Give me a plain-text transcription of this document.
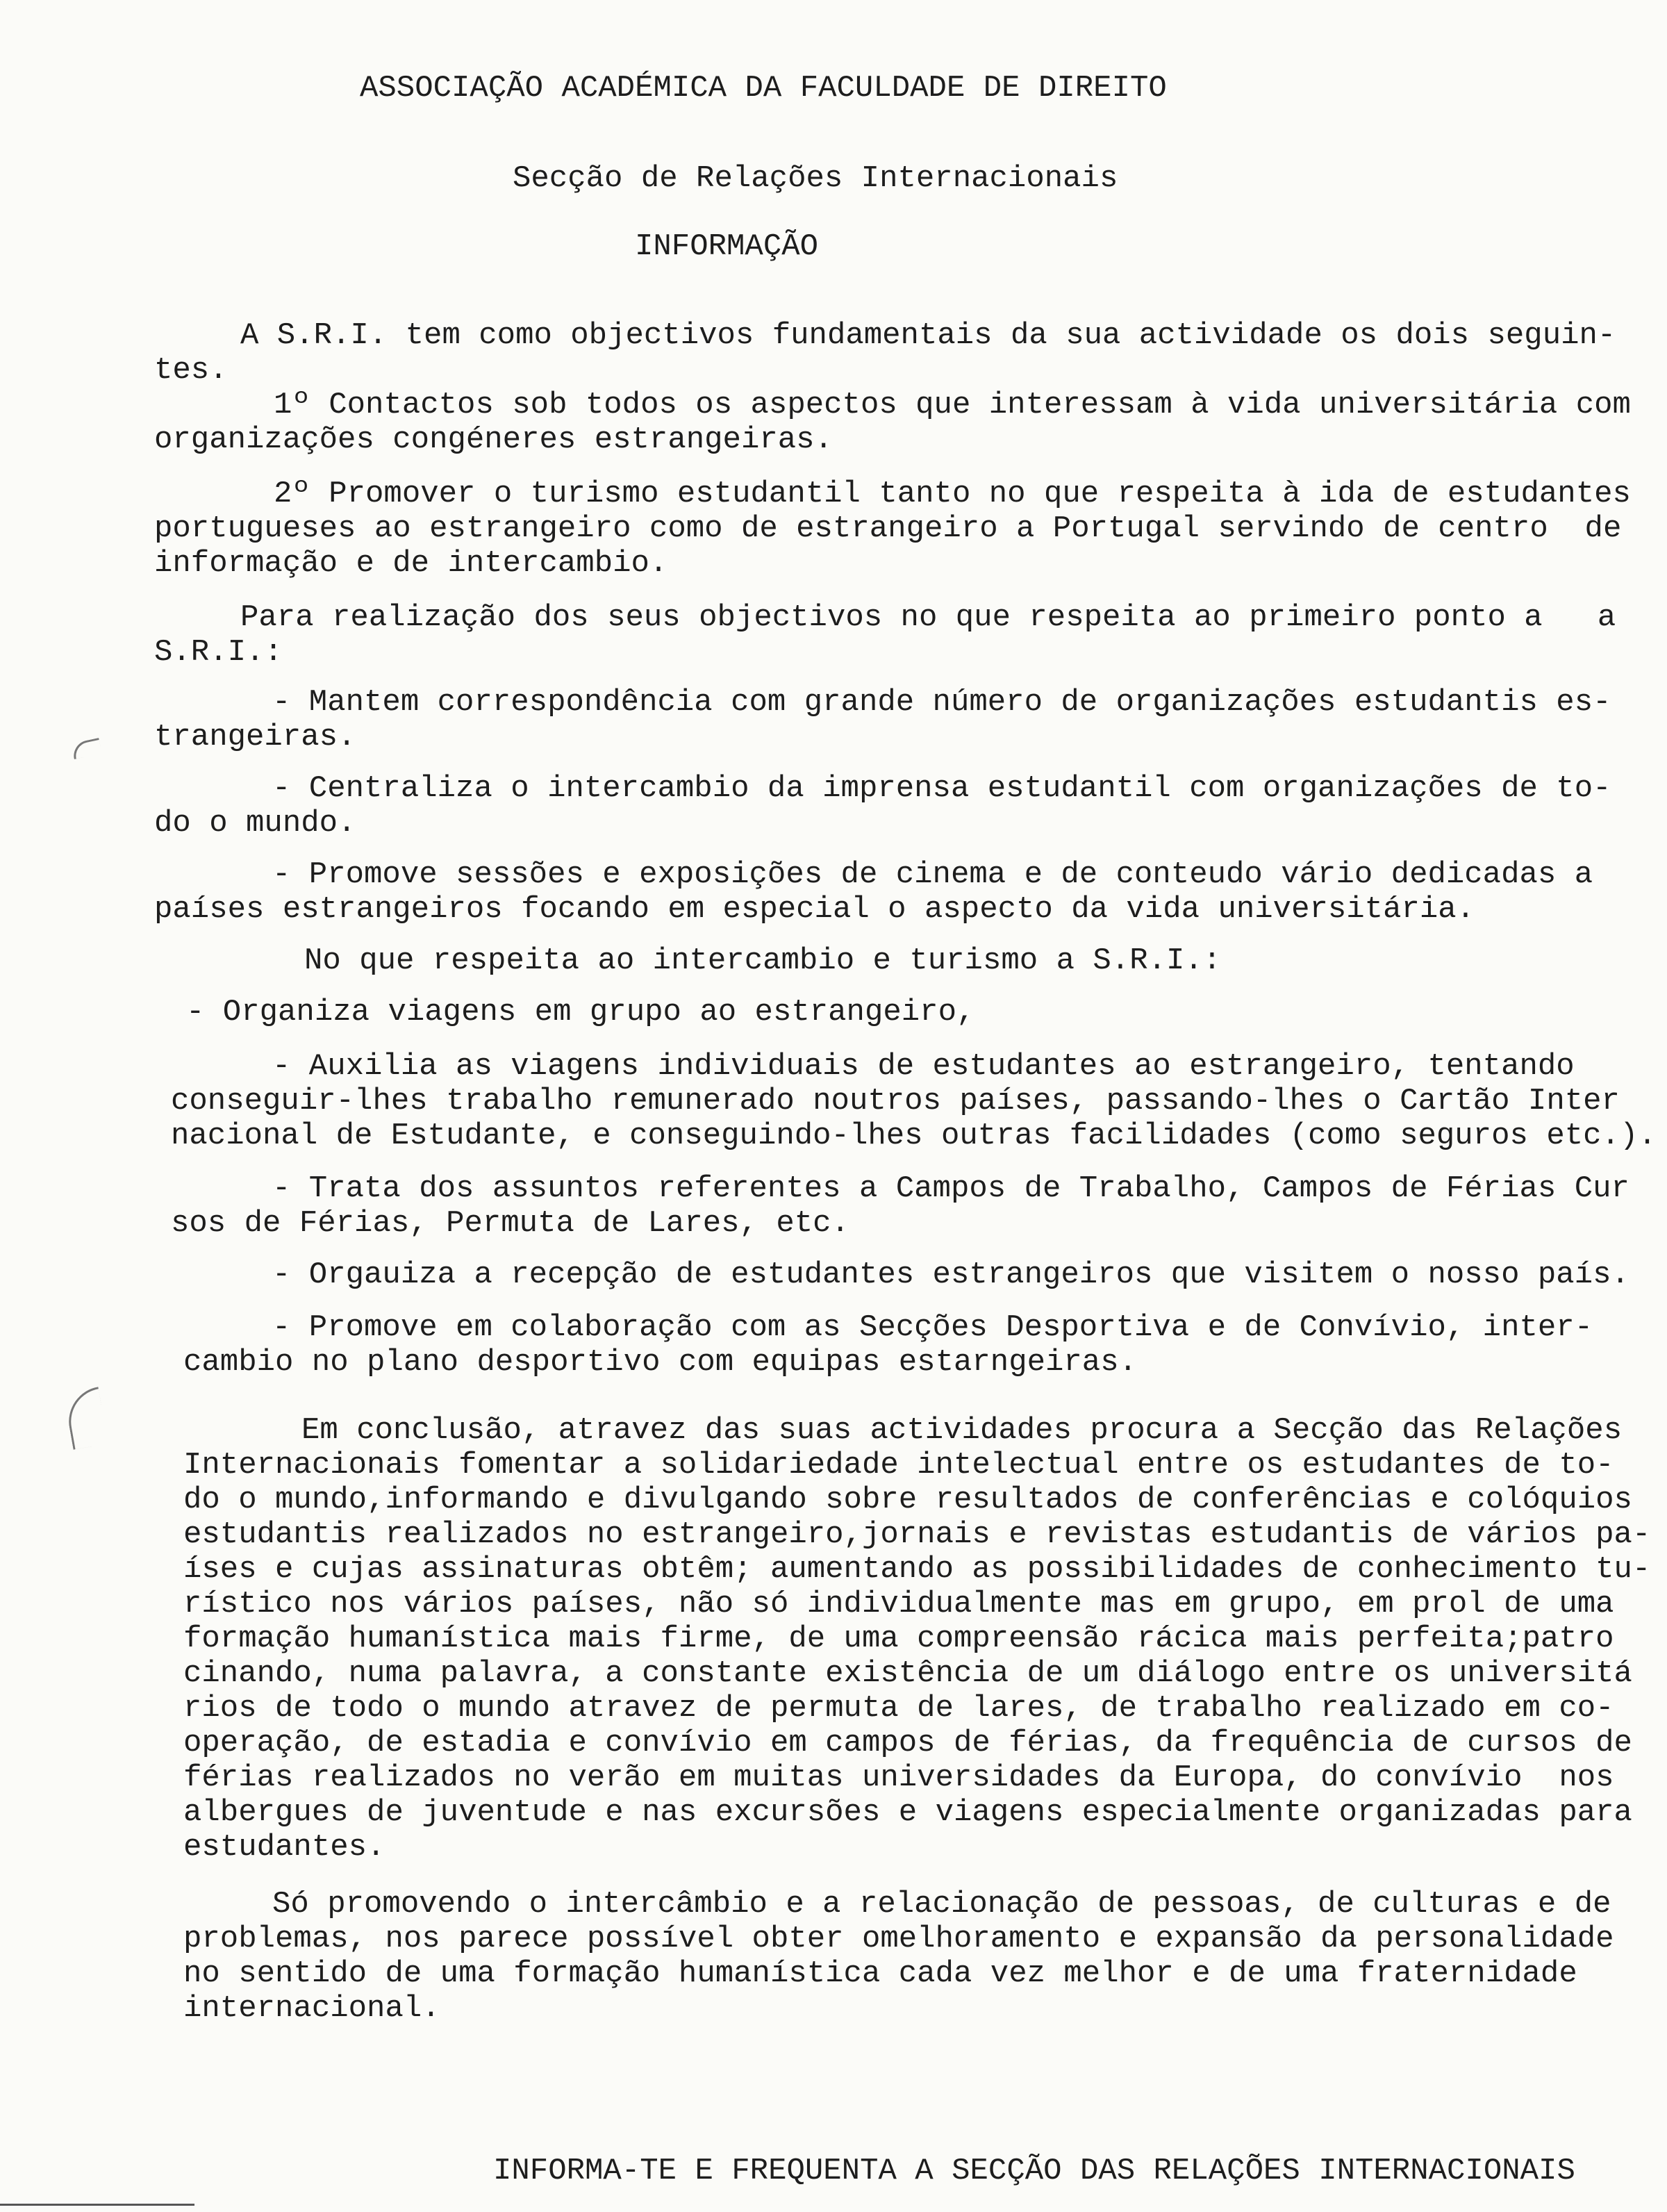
ASSOCIAÇÃO ACADÉMICA DA FACULDADE DE DIREITO
Secção de Relações Internacionais
INFORMAÇÃO
A S.R.I. tem como objectivos fundamentais da sua actividade os dois seguin-
tes.
1º Contactos sob todos os aspectos que interessam à vida universitária com
organizações congéneres estrangeiras.
2º Promover o turismo estudantil tanto no que respeita à ida de estudantes
portugueses ao estrangeiro como de estrangeiro a Portugal servindo de centro  de
informação e de intercambio.
Para realização dos seus objectivos no que respeita ao primeiro ponto a   a
S.R.I.:
- Mantem correspondência com grande número de organizações estudantis es-
trangeiras.
- Centraliza o intercambio da imprensa estudantil com organizações de to-
do o mundo.
- Promove sessões e exposições de cinema e de conteudo vário dedicadas a
países estrangeiros focando em especial o aspecto da vida universitária.
No que respeita ao intercambio e turismo a S.R.I.:
- Organiza viagens em grupo ao estrangeiro,
- Auxilia as viagens individuais de estudantes ao estrangeiro, tentando
conseguir-lhes trabalho remunerado noutros países, passando-lhes o Cartão Inter
nacional de Estudante, e conseguindo-lhes outras facilidades (como seguros etc.).
- Trata dos assuntos referentes a Campos de Trabalho, Campos de Férias Cur
sos de Férias, Permuta de Lares, etc.
- Orgauiza a recepção de estudantes estrangeiros que visitem o nosso país.
- Promove em colaboração com as Secções Desportiva e de Convívio, inter-
cambio no plano desportivo com equipas estarngeiras.
Em conclusão, atravez das suas actividades procura a Secção das Relações
Internacionais fomentar a solidariedade intelectual entre os estudantes de to-
do o mundo,informando e divulgando sobre resultados de conferências e colóquios
estudantis realizados no estrangeiro,jornais e revistas estudantis de vários pa-
íses e cujas assinaturas obtêm; aumentando as possibilidades de conhecimento tu-
rístico nos vários países, não só individualmente mas em grupo, em prol de uma
formação humanística mais firme, de uma compreensão rácica mais perfeita;patro
cinando, numa palavra, a constante existência de um diálogo entre os universitá
rios de todo o mundo atravez de permuta de lares, de trabalho realizado em co-
operação, de estadia e convívio em campos de férias, da frequência de cursos de
férias realizados no verão em muitas universidades da Europa, do convívio  nos
albergues de juventude e nas excursões e viagens especialmente organizadas para
estudantes.
Só promovendo o intercâmbio e a relacionação de pessoas, de culturas e de
problemas, nos parece possível obter omelhoramento e expansão da personalidade
no sentido de uma formação humanística cada vez melhor e de uma fraternidade
internacional.
INFORMA-TE E FREQUENTA A SECÇÃO DAS RELAÇÕES INTERNACIONAIS
